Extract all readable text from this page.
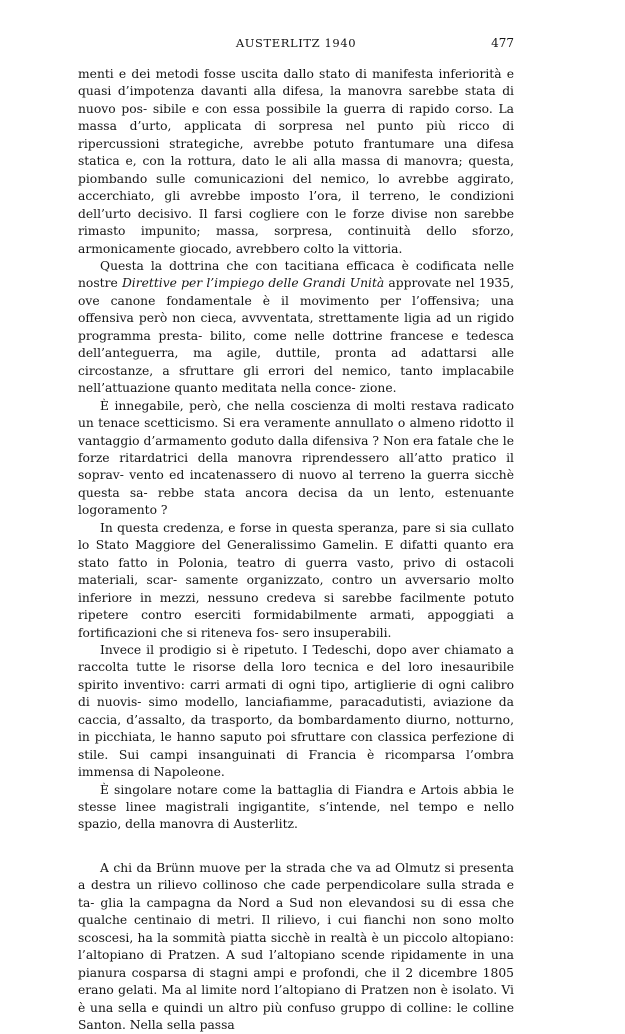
AUSTERLITZ 1940	477

menti e dei metodi fosse uscita dallo stato di manifesta inferiorità e quasi d’impotenza davanti alla difesa, la manovra sarebbe stata di nuovo pos- sibile e con essa possibile la guerra di rapido corso. La massa d’urto, applicata di sorpresa nel punto più ricco di ripercussioni strategiche, avrebbe potuto frantumare una difesa statica e, con la rottura, dato le ali alla massa di manovra; questa, piombando sulle comunicazioni del nemico, lo avrebbe aggirato, accerchiato, gli avrebbe imposto l’ora, il terreno, le condizioni dell’urto decisivo. Il farsi cogliere con le forze divise non sarebbe rimasto impunito; massa, sorpresa, continuità dello sforzo, armonicamente giocado, avrebbero colto la vittoria.

Questa la dottrina che con tacitiana efficaca è codificata nelle nostre Direttive per l’impiego delle Grandi Unità approvate nel 1935, ove canone fondamentale è il movimento per l’offensiva; una offensiva però non cieca, avvventata, strettamente ligia ad un rigido programma presta- bilito, come nelle dottrine francese e tedesca dell’anteguerra, ma agile, duttile, pronta ad adattarsi alle circostanze, a sfruttare gli errori del nemico, tanto implacabile nell’attuazione quanto meditata nella conce- zione.

È innegabile, però, che nella coscienza di molti restava radicato un tenace scetticismo. Si era veramente annullato o almeno ridotto il vantaggio d’armamento goduto dalla difensiva ? Non era fatale che le forze ritardatrici della manovra riprendessero all’atto pratico il soprav- vento ed incatenassero di nuovo al terreno la guerra sicchè questa sa- rebbe stata ancora decisa da un lento, estenuante logoramento ?

In questa credenza, e forse in questa speranza, pare si sia cullato lo Stato Maggiore del Generalissimo Gamelin. E difatti quanto era stato fatto in Polonia, teatro di guerra vasto, privo di ostacoli materiali, scar- samente organizzato, contro un avversario molto inferiore in mezzi, nessuno credeva si sarebbe facilmente potuto ripetere contro eserciti formidabilmente armati, appoggiati a fortificazioni che si riteneva fos- sero insuperabili.

Invece il prodigio si è ripetuto. I Tedeschi, dopo aver chiamato a raccolta tutte le risorse della loro tecnica e del loro inesauribile spirito inventivo: carri armati di ogni tipo, artiglierie di ogni calibro di nuovis- simo modello, lanciafiamme, paracadutisti, aviazione da caccia, d’assalto, da trasporto, da bombardamento diurno, notturno, in picchiata, le hanno saputo poi sfruttare con classica perfezione di stile. Sui campi insanguinati di Francia è ricomparsa l’ombra immensa di Napoleone.

È singolare notare come la battaglia di Fiandra e Artois abbia le stesse linee magistrali ingigantite, s’intende, nel tempo e nello spazio, della manovra di Austerlitz.

A chi da Brünn muove per la strada che va ad Olmutz si presenta a destra un rilievo collinoso che cade perpendicolare sulla strada e ta- glia la campagna da Nord a Sud non elevandosi su di essa che qualche centinaio di metri. Il rilievo, i cui fianchi non sono molto scoscesi, ha la sommità piatta sicchè in realtà è un piccolo altopiano: l’altopiano di Pratzen. A sud l’altopiano scende ripidamente in una pianura cosparsa di stagni ampi e profondi, che il 2 dicembre 1805 erano gelati. Ma al limite nord l’altopiano di Pratzen non è isolato. Vi è una sella e quindi un altro più confuso gruppo di colline: le colline Santon. Nella sella passa
